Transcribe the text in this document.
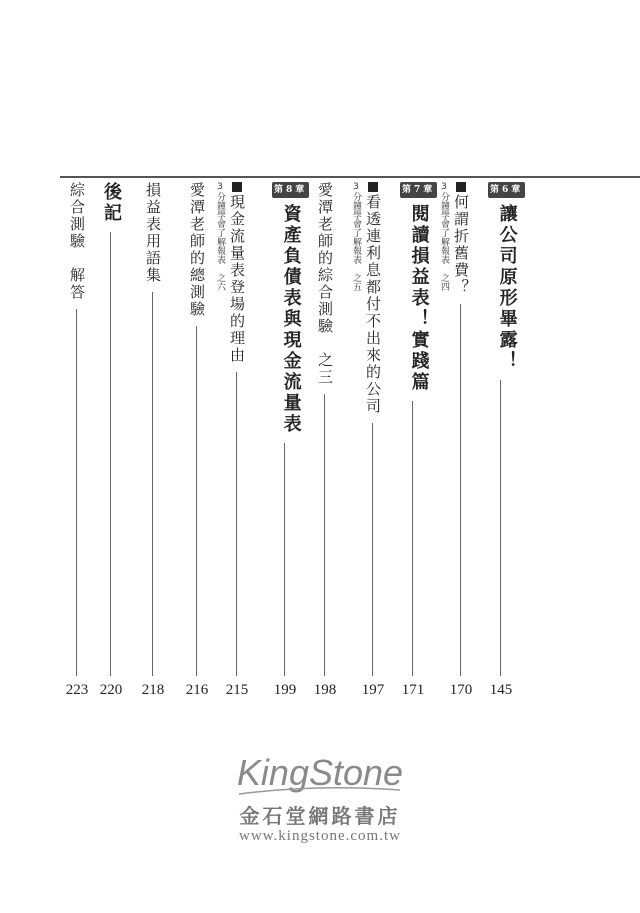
第6章讓公司原形畢露！
145
3分鐘學會了解報表　之四 何謂折舊費？
170
第7章閱讀損益表！實踐篇
171
3分鐘學會了解報表　之五 看透連利息都付不出來的公司
197
愛潭老師的綜合測驗　之三
198
第8章資產負債表與現金流量表
199
3分鐘學會了解報表　之六 現金流量表登場的理由
215
愛潭老師的總測驗
216
損益表用語集
218
後記
220
綜合測驗　解答
223
KingStone
金石堂網路書店
www.kingstone.com.tw
